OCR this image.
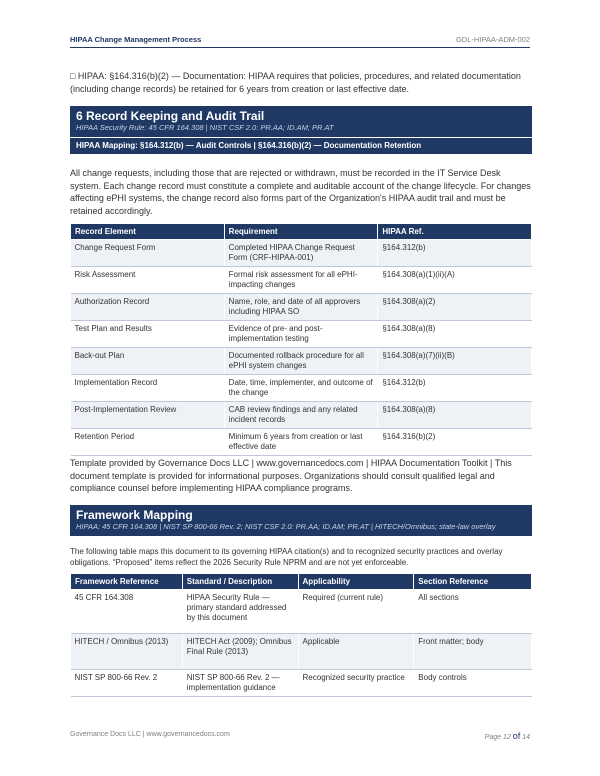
HIPAA Change Management Process	GDL-HIPAA-ADM-002

□ HIPAA: §164.316(b)(2) — Documentation: HIPAA requires that policies, procedures, and related documentation (including change records) be retained for 6 years from creation or last effective date.

6 Record Keeping and Audit Trail
HIPAA Security Rule: 45 CFR 164.308 | NIST CSF 2.0: PR.AA; ID.AM; PR.AT
HIPAA Mapping: §164.312(b) — Audit Controls | §164.316(b)(2) — Documentation Retention

All change requests, including those that are rejected or withdrawn, must be recorded in the IT Service Desk system. Each change record must constitute a complete and auditable account of the change lifecycle. For changes affecting ePHI systems, the change record also forms part of the Organization's HIPAA audit trail and must be retained accordingly.

Record Element	Requirement	HIPAA Ref.
Change Request Form	Completed HIPAA Change Request Form (CRF-HIPAA-001)	§164.312(b)
Risk Assessment	Formal risk assessment for all ePHI-impacting changes	§164.308(a)(1)(ii)(A)
Authorization Record	Name, role, and date of all approvers including HIPAA SO	§164.308(a)(2)
Test Plan and Results	Evidence of pre- and post-implementation testing	§164.308(a)(8)
Back-out Plan	Documented rollback procedure for all ePHI system changes	§164.308(a)(7)(ii)(B)
Implementation Record	Date, time, implementer, and outcome of the change	§164.312(b)
Post-Implementation Review	CAB review findings and any related incident records	§164.308(a)(8)
Retention Period	Minimum 6 years from creation or last effective date	§164.316(b)(2)

Template provided by Governance Docs LLC | www.governancedocs.com | HIPAA Documentation Toolkit | This document template is provided for informational purposes. Organizations should consult qualified legal and compliance counsel before implementing HIPAA compliance programs.

Framework Mapping
HIPAA: 45 CFR 164.308 | NIST SP 800-66 Rev. 2; NIST CSF 2.0: PR.AA; ID.AM; PR.AT | HITECH/Omnibus; state-law overlay

The following table maps this document to its governing HIPAA citation(s) and to recognized security practices and overlay obligations. “Proposed” items reflect the 2026 Security Rule NPRM and are not yet enforceable.

Framework Reference	Standard / Description	Applicability	Section Reference
45 CFR 164.308	HIPAA Security Rule — primary standard addressed by this document	Required (current rule)	All sections
HITECH / Omnibus (2013)	HITECH Act (2009); Omnibus Final Rule (2013)	Applicable	Front matter; body
NIST SP 800-66 Rev. 2	NIST SP 800-66 Rev. 2 — implementation guidance	Recognized security practice	Body controls
Governance Docs LLC | www.governancedocs.com	Page 12 of 14
